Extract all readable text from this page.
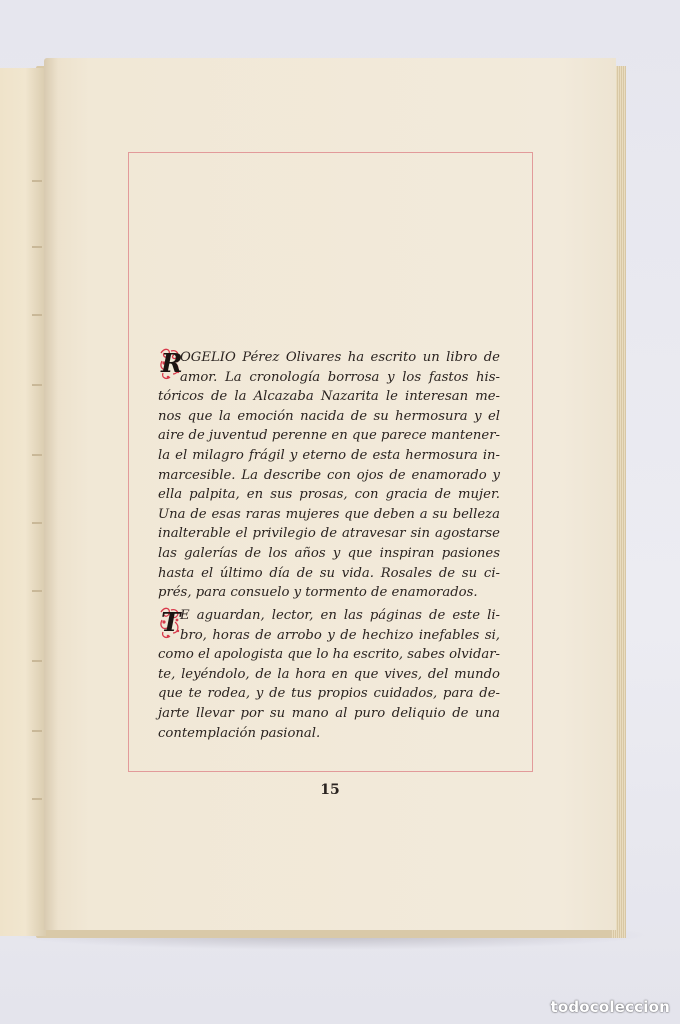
R
T

OGELIO Pérez Olivares ha escrito un libro de
amor. La cronología borrosa y los fastos his-
tóricos de la Alcazaba Nazarita le interesan me-
nos que la emoción nacida de su hermosura y el
aire de juventud perenne en que parece mantener-
la el milagro frágil y eterno de esta hermosura in-
marcesible. La describe con ojos de enamorado y
ella palpita, en sus prosas, con gracia de mujer.
Una de esas raras mujeres que deben a su belleza
inalterable el privilegio de atravesar sin agostarse
las galerías de los años y que inspiran pasiones
hasta el último día de su vida. Rosales de su ci-
prés, para consuelo y tormento de enamorados.

E aguardan, lector, en las páginas de este li-
bro, horas de arrobo y de hechizo inefables si,
como el apologista que lo ha escrito, sabes olvidar-
te, leyéndolo, de la hora en que vives, del mundo
que te rodea, y de tus propios cuidados, para de-
jarte llevar por su mano al puro deliquio de una
contemplación pasional.

15
todocoleccion
